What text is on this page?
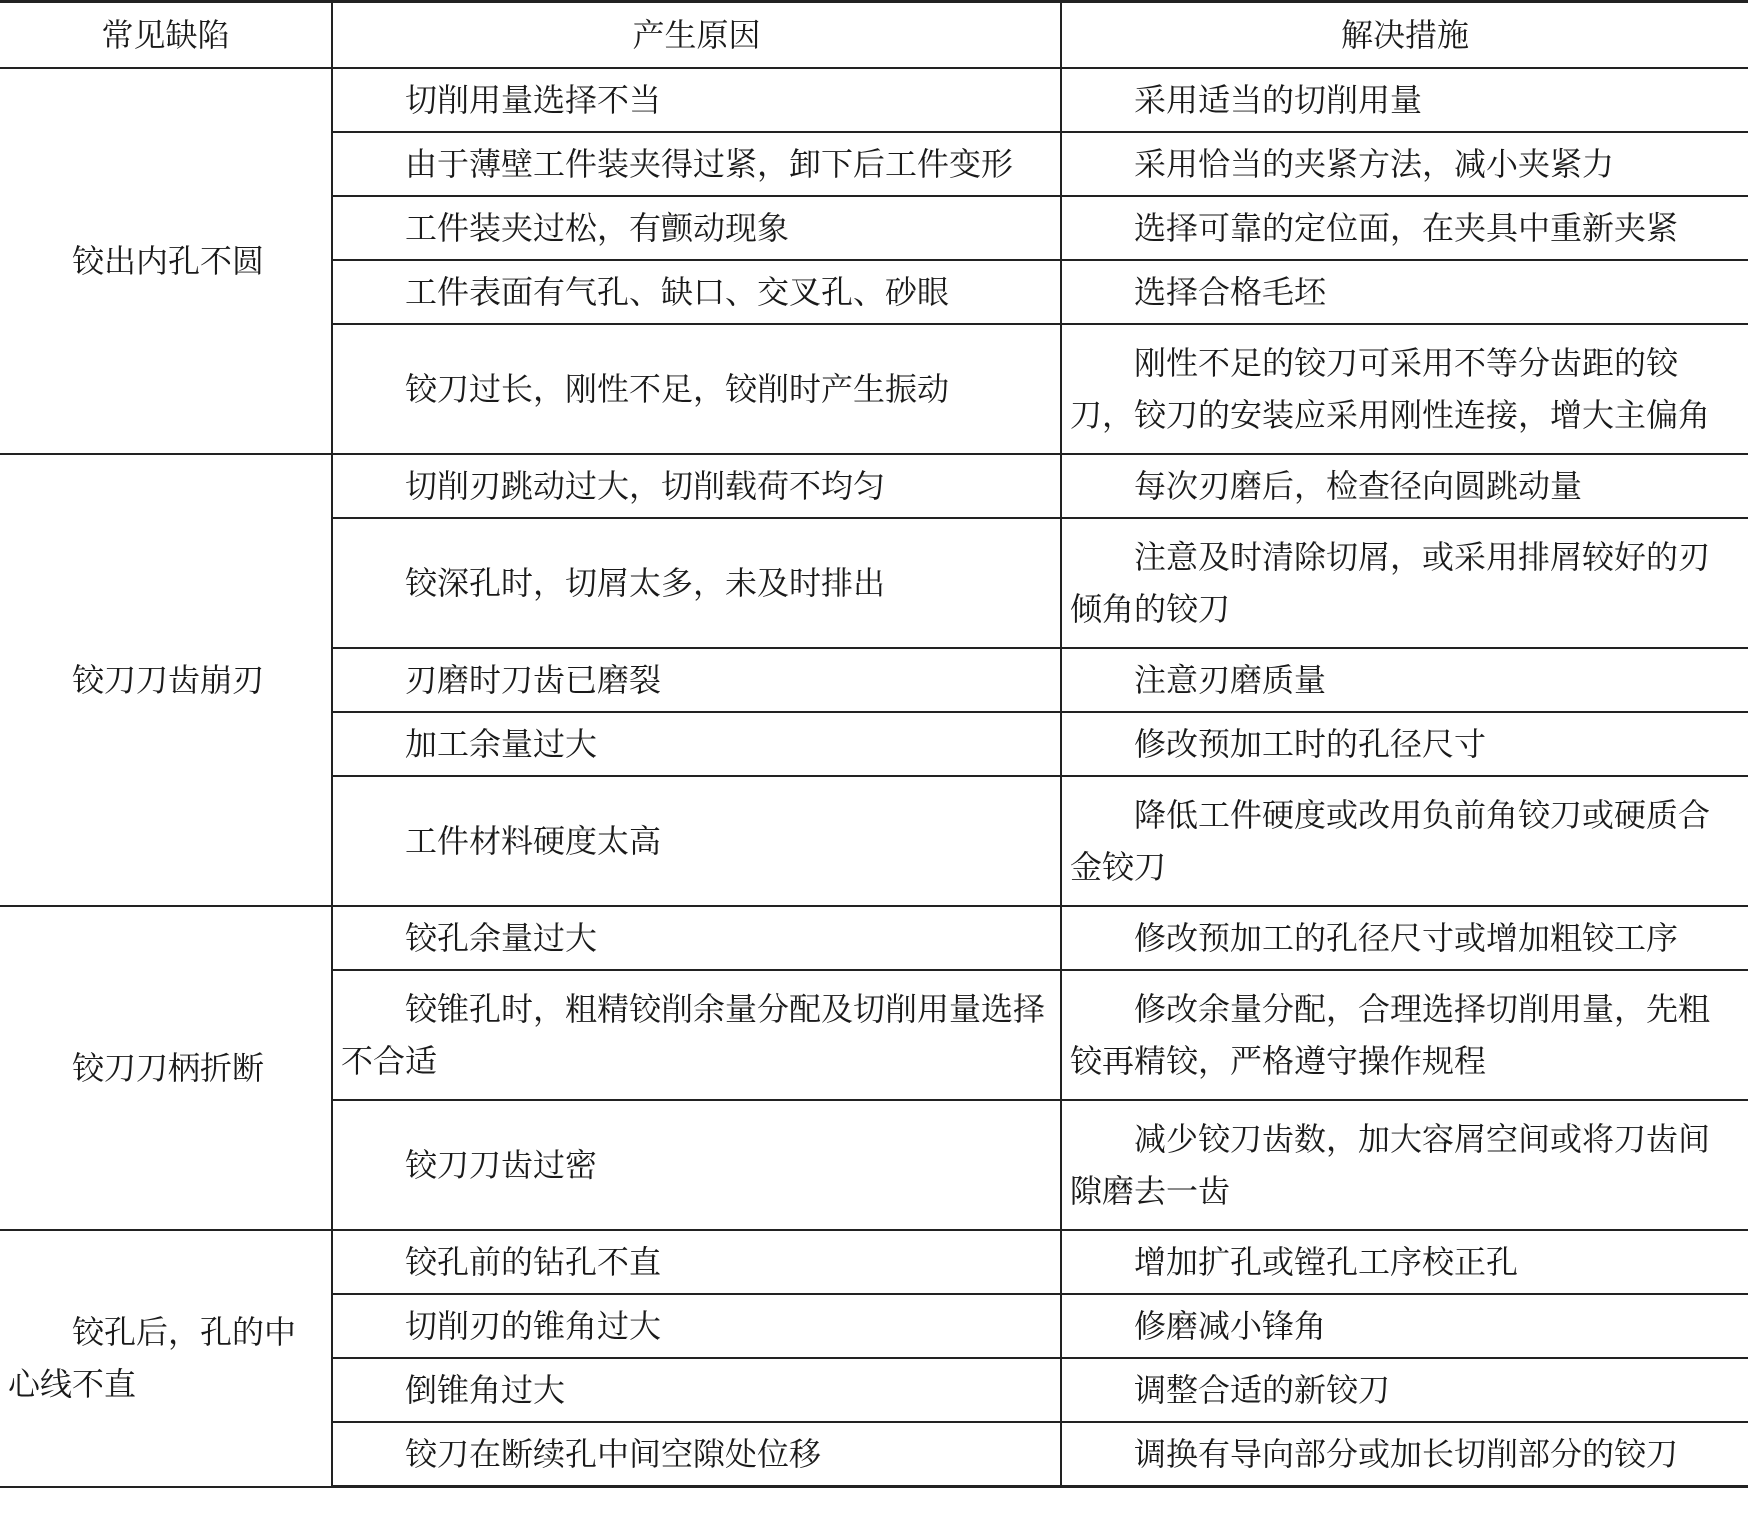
常见缺陷	产生原因	解决措施
铰出内孔不圆	切削用量选择不当	采用适当的切削用量
	由于薄壁工件装夹得过紧，卸下后工件变形	采用恰当的夹紧方法，减小夹紧力
	工件装夹过松，有颤动现象	选择可靠的定位面，在夹具中重新夹紧
	工件表面有气孔、缺口、交叉孔、砂眼	选择合格毛坯
	铰刀过长，刚性不足，铰削时产生振动	刚性不足的铰刀可采用不等分齿距的铰刀，铰刀的安装应采用刚性连接，增大主偏角
铰刀刀齿崩刃	切削刃跳动过大，切削载荷不均匀	每次刃磨后，检查径向圆跳动量
	铰深孔时，切屑太多，未及时排出	注意及时清除切屑，或采用排屑较好的刃倾角的铰刀
	刃磨时刀齿已磨裂	注意刃磨质量
	加工余量过大	修改预加工时的孔径尺寸
	工件材料硬度太高	降低工件硬度或改用负前角铰刀或硬质合金铰刀
铰刀刀柄折断	铰孔余量过大	修改预加工的孔径尺寸或增加粗铰工序
	铰锥孔时，粗精铰削余量分配及切削用量选择不合适	修改余量分配，合理选择切削用量，先粗铰再精铰，严格遵守操作规程
	铰刀刀齿过密	减少铰刀齿数，加大容屑空间或将刀齿间隙磨去一齿
铰孔后，孔的中心线不直	铰孔前的钻孔不直	增加扩孔或镗孔工序校正孔
	切削刃的锥角过大	修磨减小锋角
	倒锥角过大	调整合适的新铰刀
	铰刀在断续孔中间空隙处位移	调换有导向部分或加长切削部分的铰刀
